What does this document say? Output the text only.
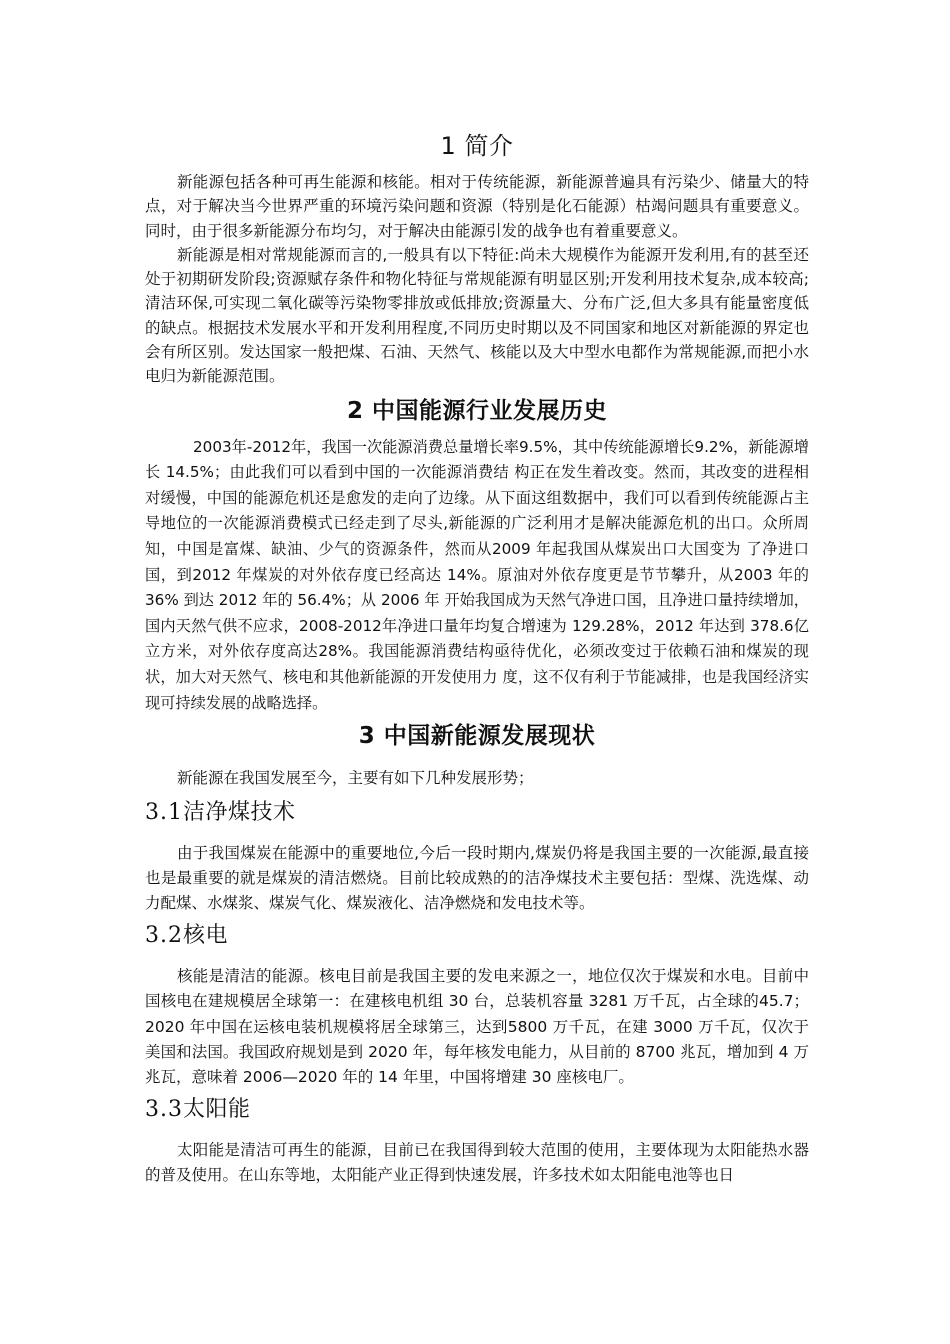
1 简介

新能源包括各种可再生能源和核能。相对于传统能源，新能源普遍具有污染少、储量大的特点，对于解决当今世界严重的环境污染问题和资源（特别是化石能源）枯竭问题具有重要意义。同时，由于很多新能源分布均匀，对于解决由能源引发的战争也有着重要意义。

新能源是相对常规能源而言的,一般具有以下特征:尚未大规模作为能源开发利用,有的甚至还处于初期研发阶段;资源赋存条件和物化特征与常规能源有明显区别;开发利用技术复杂,成本较高;清洁环保,可实现二氧化碳等污染物零排放或低排放;资源量大、分布广泛,但大多具有能量密度低的缺点。根据技术发展水平和开发利用程度,不同历史时期以及不同国家和地区对新能源的界定也会有所区别。发达国家一般把煤、石油、天然气、核能以及大中型水电都作为常规能源,而把小水电归为新能源范围。

2 中国能源行业发展历史

2003年-2012年，我国一次能源消费总量增长率9.5%，其中传统能源增长9.2%，新能源增长 14.5%；由此我们可以看到中国的一次能源消费结 构正在发生着改变。然而，其改变的进程相对缓慢，中国的能源危机还是愈发的走向了边缘。从下面这组数据中，我们可以看到传统能源占主导地位的一次能源消费模式已经走到了尽头,新能源的广泛利用才是解决能源危机的出口。众所周知，中国是富煤、缺油、少气的资源条件，然而从2009 年起我国从煤炭出口大国变为 了净进口国，到2012 年煤炭的对外依存度已经高达 14%。原油对外依存度更是节节攀升，从2003 年的 36% 到达 2012 年的 56.4%；从 2006 年 开始我国成为天然气净进口国，且净进口量持续增加，国内天然气供不应求，2008-2012年净进口量年均复合增速为 129.28%，2012 年达到 378.6亿立方米，对外依存度高达28%。我国能源消费结构亟待优化，必须改变过于依赖石油和煤炭的现状，加大对天然气、核电和其他新能源的开发使用力 度，这不仅有利于节能减排，也是我国经济实现可持续发展的战略选择。

3 中国新能源发展现状

新能源在我国发展至今，主要有如下几种发展形势；

3.1洁净煤技术

由于我国煤炭在能源中的重要地位,今后一段时期内,煤炭仍将是我国主要的一次能源,最直接也是最重要的就是煤炭的清洁燃烧。目前比较成熟的的洁净煤技术主要包括：型煤、洗选煤、动力配煤、水煤浆、煤炭气化、煤炭液化、洁净燃烧和发电技术等。

3.2核电

核能是清洁的能源。核电目前是我国主要的发电来源之一，地位仅次于煤炭和水电。目前中国核电在建规模居全球第一：在建核电机组 30 台，总装机容量 3281 万千瓦，占全球的45.7；2020 年中国在运核电装机规模将居全球第三，达到5800 万千瓦，在建 3000 万千瓦，仅次于美国和法国。我国政府规划是到 2020 年，每年核发电能力，从目前的 8700 兆瓦，增加到 4 万兆瓦，意味着 2006—2020 年的 14 年里，中国将增建 30 座核电厂。

3.3太阳能

太阳能是清洁可再生的能源，目前已在我国得到较大范围的使用，主要体现为太阳能热水器的普及使用。在山东等地，太阳能产业正得到快速发展，许多技术如太阳能电池等也日
